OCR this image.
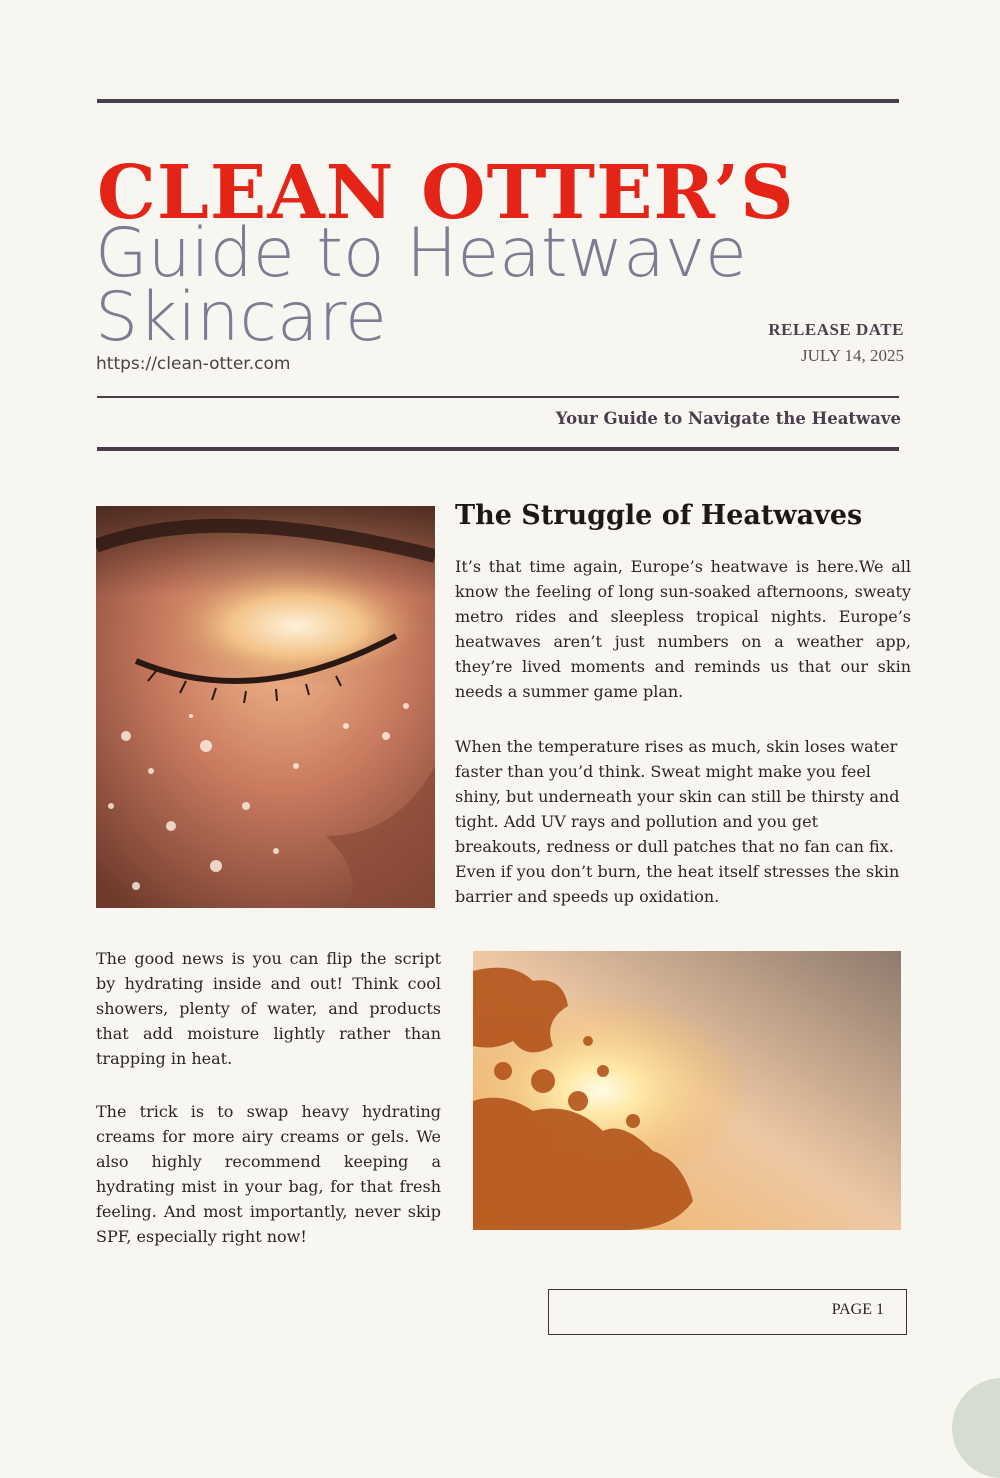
CLEAN OTTER’S
Guide to Heatwave
Skincare
https://clean-otter.com
RELEASE DATE
JULY 14, 2025
Your Guide to Navigate the Heatwave
The Struggle of Heatwaves

It’s that time again, Europe’s heatwave is here.We all know the feeling of long sun-soaked afternoons, sweaty metro rides and sleepless tropical nights. Europe’s heatwaves aren’t just numbers on a weather app, they’re lived moments and reminds us that our skin needs a summer game plan.

When the temperature rises as much, skin loses water faster than you’d think. Sweat might make you feel shiny, but underneath your skin can still be thirsty and tight. Add UV rays and pollution and you get breakouts, redness or dull patches that no fan can fix. Even if you don’t burn, the heat itself stresses the skin barrier and speeds up oxidation.

The good news is you can flip the script by hydrating inside and out! Think cool showers, plenty of water, and products that add moisture lightly rather than trapping in heat.

The trick is to swap heavy hydrating creams for more airy creams or gels. We also highly recommend keeping a hydrating mist in your bag, for that fresh feeling. And most importantly, never skip SPF, especially right now!

PAGE 1
